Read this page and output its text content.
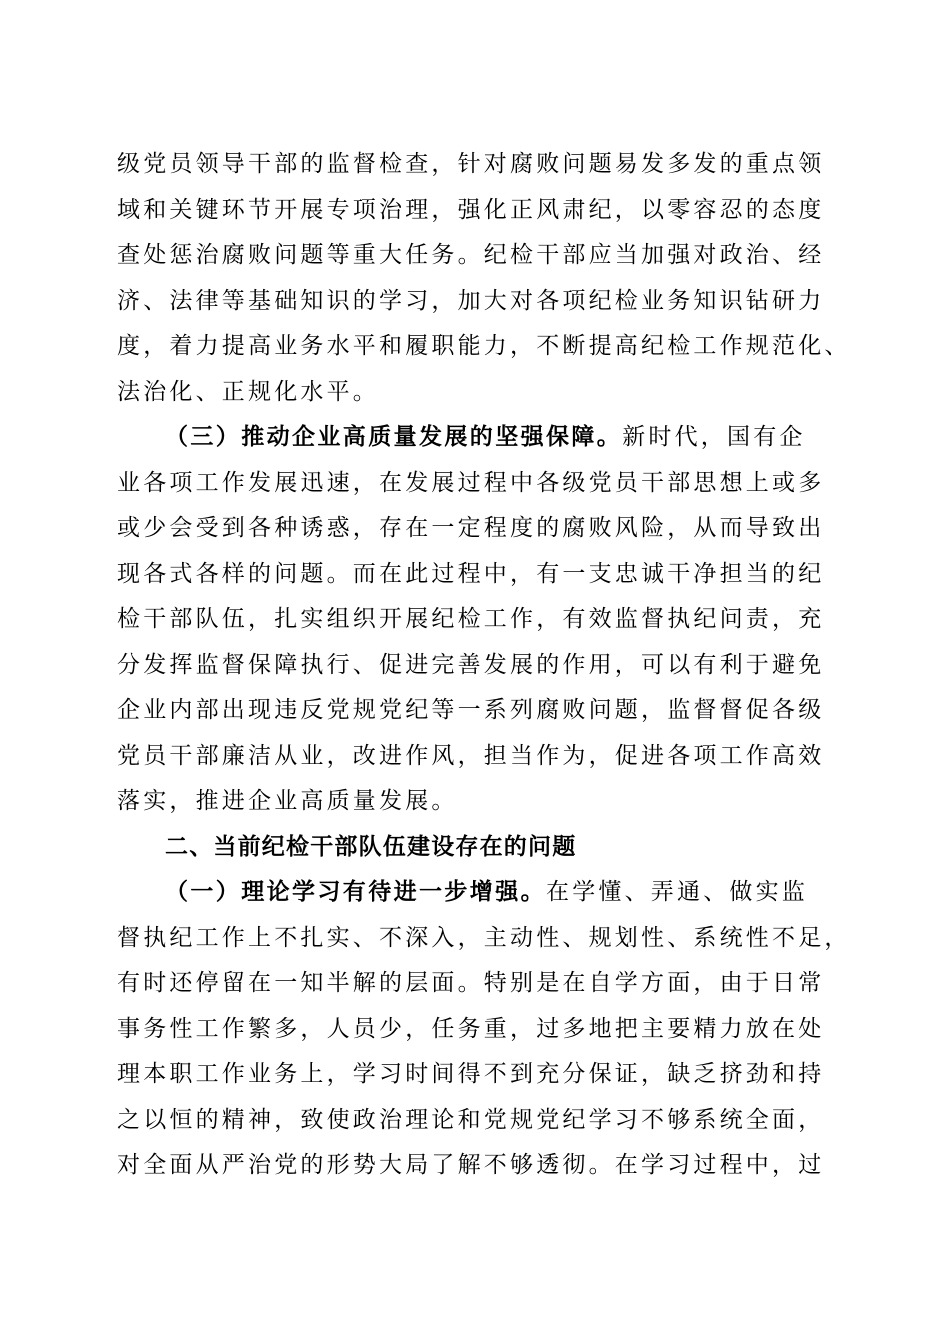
级党员领导干部的监督检查，针对腐败问题易发多发的重点领
域和关键环节开展专项治理，强化正风肃纪，以零容忍的态度
查处惩治腐败问题等重大任务。纪检干部应当加强对政治、经
济、法律等基础知识的学习，加大对各项纪检业务知识钻研力
度，着力提高业务水平和履职能力，不断提高纪检工作规范化、
法治化、正规化水平。
（三）推动企业高质量发展的坚强保障。新时代，国有企
业各项工作发展迅速，在发展过程中各级党员干部思想上或多
或少会受到各种诱惑，存在一定程度的腐败风险，从而导致出
现各式各样的问题。而在此过程中，有一支忠诚干净担当的纪
检干部队伍，扎实组织开展纪检工作，有效监督执纪问责，充
分发挥监督保障执行、促进完善发展的作用，可以有利于避免
企业内部出现违反党规党纪等一系列腐败问题，监督督促各级
党员干部廉洁从业，改进作风，担当作为，促进各项工作高效
落实，推进企业高质量发展。
二、当前纪检干部队伍建设存在的问题
（一）理论学习有待进一步增强。在学懂、弄通、做实监
督执纪工作上不扎实、不深入，主动性、规划性、系统性不足，
有时还停留在一知半解的层面。特别是在自学方面，由于日常
事务性工作繁多，人员少，任务重，过多地把主要精力放在处
理本职工作业务上，学习时间得不到充分保证，缺乏挤劲和持
之以恒的精神，致使政治理论和党规党纪学习不够系统全面，
对全面从严治党的形势大局了解不够透彻。在学习过程中，过
